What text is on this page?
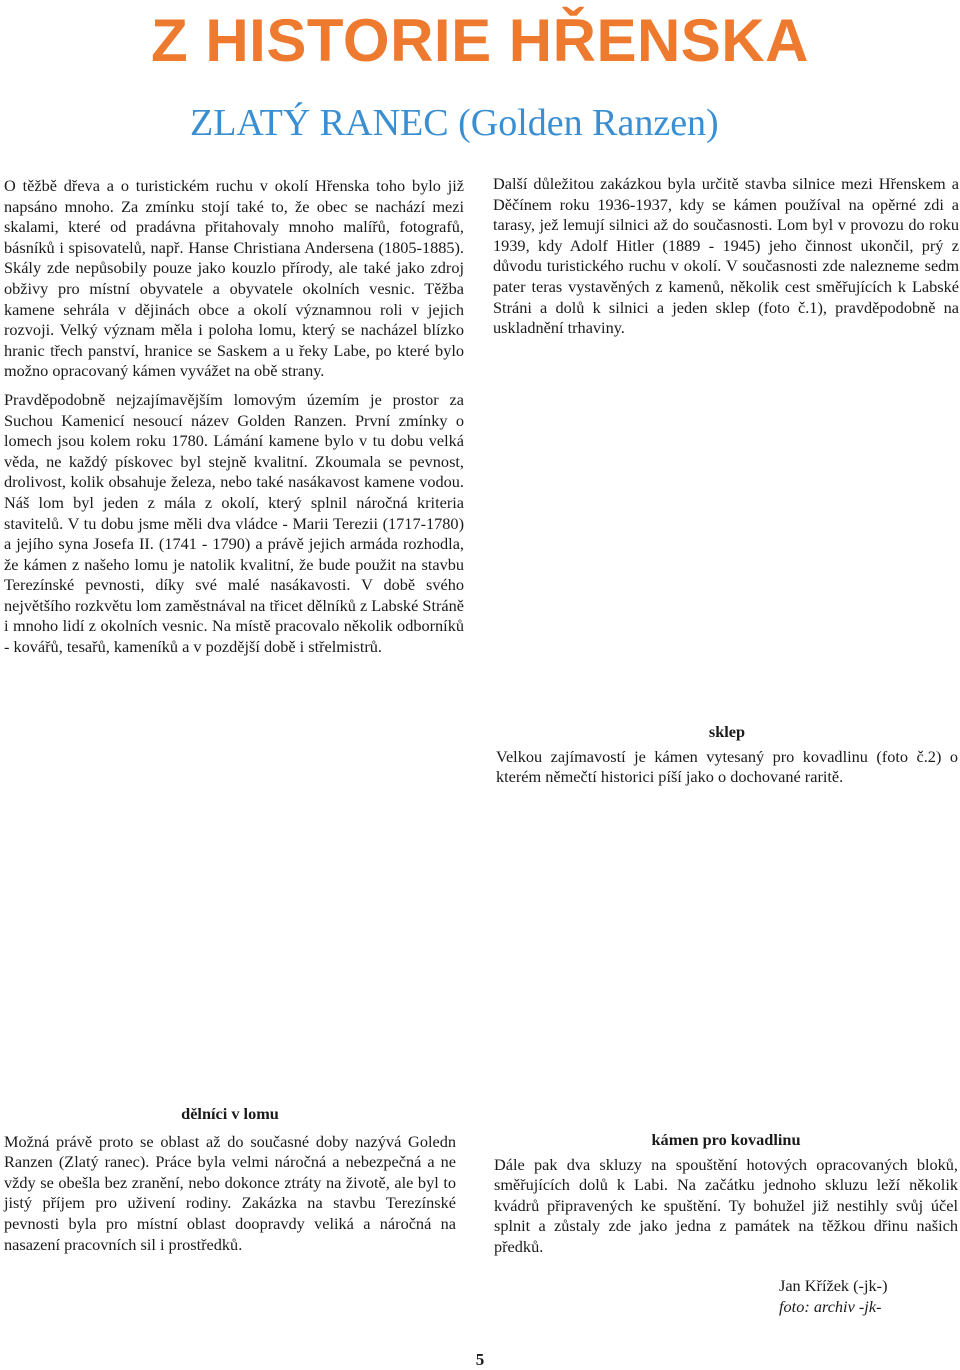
Z HISTORIE HŘENSKA
ZLATÝ RANEC (Golden Ranzen)

O těžbě dřeva a o turistickém ruchu v okolí Hřenska toho bylo již napsáno mnoho. Za zmínku stojí také to, že obec se nachází mezi skalami, které od pradávna přitahovaly mnoho malířů, fotografů, básníků i spisovatelů, např. Hanse Christiana Andersena (1805-1885). Skály zde nepůsobily pouze jako kouzlo přírody, ale také jako zdroj obživy pro místní obyvatele a obyvatele okolních vesnic. Těžba kamene sehrála v dějinách obce a okolí významnou roli v jejich rozvoji. Velký význam měla i poloha lomu, který se nacházel blízko hranic třech panství, hranice se Saskem a u řeky Labe, po které bylo možno opracovaný kámen vyvážet na obě strany.

Pravděpodobně nejzajímavějším lomovým územím je prostor za Suchou Kamenicí nesoucí název Golden Ranzen. První zmínky o lomech jsou kolem roku 1780. Lámání kamene bylo v tu dobu velká věda, ne každý pískovec byl stejně kvalitní. Zkoumala se pevnost, drolivost, kolik obsahuje železa, nebo také nasákavost kamene vodou. Náš lom byl jeden z mála z okolí, který splnil náročná kriteria stavitelů. V tu dobu jsme měli dva vládce - Marii Terezii (1717-1780) a jejího syna Josefa II. (1741 - 1790) a právě jejich armáda rozhodla, že kámen z našeho lomu je natolik kvalitní, že bude použit na stavbu Terezínské pevnosti, díky své malé nasákavosti. V době svého největšího rozkvětu lom zaměstnával na třicet dělníků z Labské Stráně i mnoho lidí z okolních vesnic. Na místě pracovalo několik odborníků - kovářů, tesařů, kameníků a v pozdější době i střelmistrů.

Další důležitou zakázkou byla určitě stavba silnice mezi Hřenskem a Děčínem roku 1936-1937, kdy se kámen používal na opěrné zdi a tarasy, jež lemují silnici až do současnosti. Lom byl v provozu do roku 1939, kdy Adolf Hitler (1889 - 1945) jeho činnost ukončil, prý z důvodu turistického ruchu v okolí. V současnosti zde nalezneme sedm pater teras vystavěných z kamenů, několik cest směřujících k Labské Stráni a dolů k silnici a jeden sklep (foto č.1), pravděpodobně na uskladnění trhaviny.

sklep
Velkou zajímavostí je kámen vytesaný pro kovadlinu (foto č.2) o kterém němečtí historici píší jako o dochované raritě.
dělníci v lomu
Možná právě proto se oblast až do současné doby nazývá Goledn Ranzen (Zlatý ranec). Práce byla velmi náročná a nebezpečná a ne vždy se obešla bez zranění, nebo dokonce ztráty na životě, ale byl to jistý příjem pro uživení rodiny. Zakázka na stavbu Terezínské pevnosti byla pro místní oblast doopravdy veliká a náročná na nasazení pracovních sil i prostředků.
kámen pro kovadlinu
Dále pak dva skluzy na spouštění hotových opracovaných bloků, směřujících dolů k Labi. Na začátku jednoho skluzu leží několik kvádrů připravených ke spuštění. Ty bohužel již nestihly svůj účel splnit a zůstaly zde jako jedna z památek na těžkou dřinu našich předků.
Jan Křížek (-jk-)
foto: archiv -jk-
5
